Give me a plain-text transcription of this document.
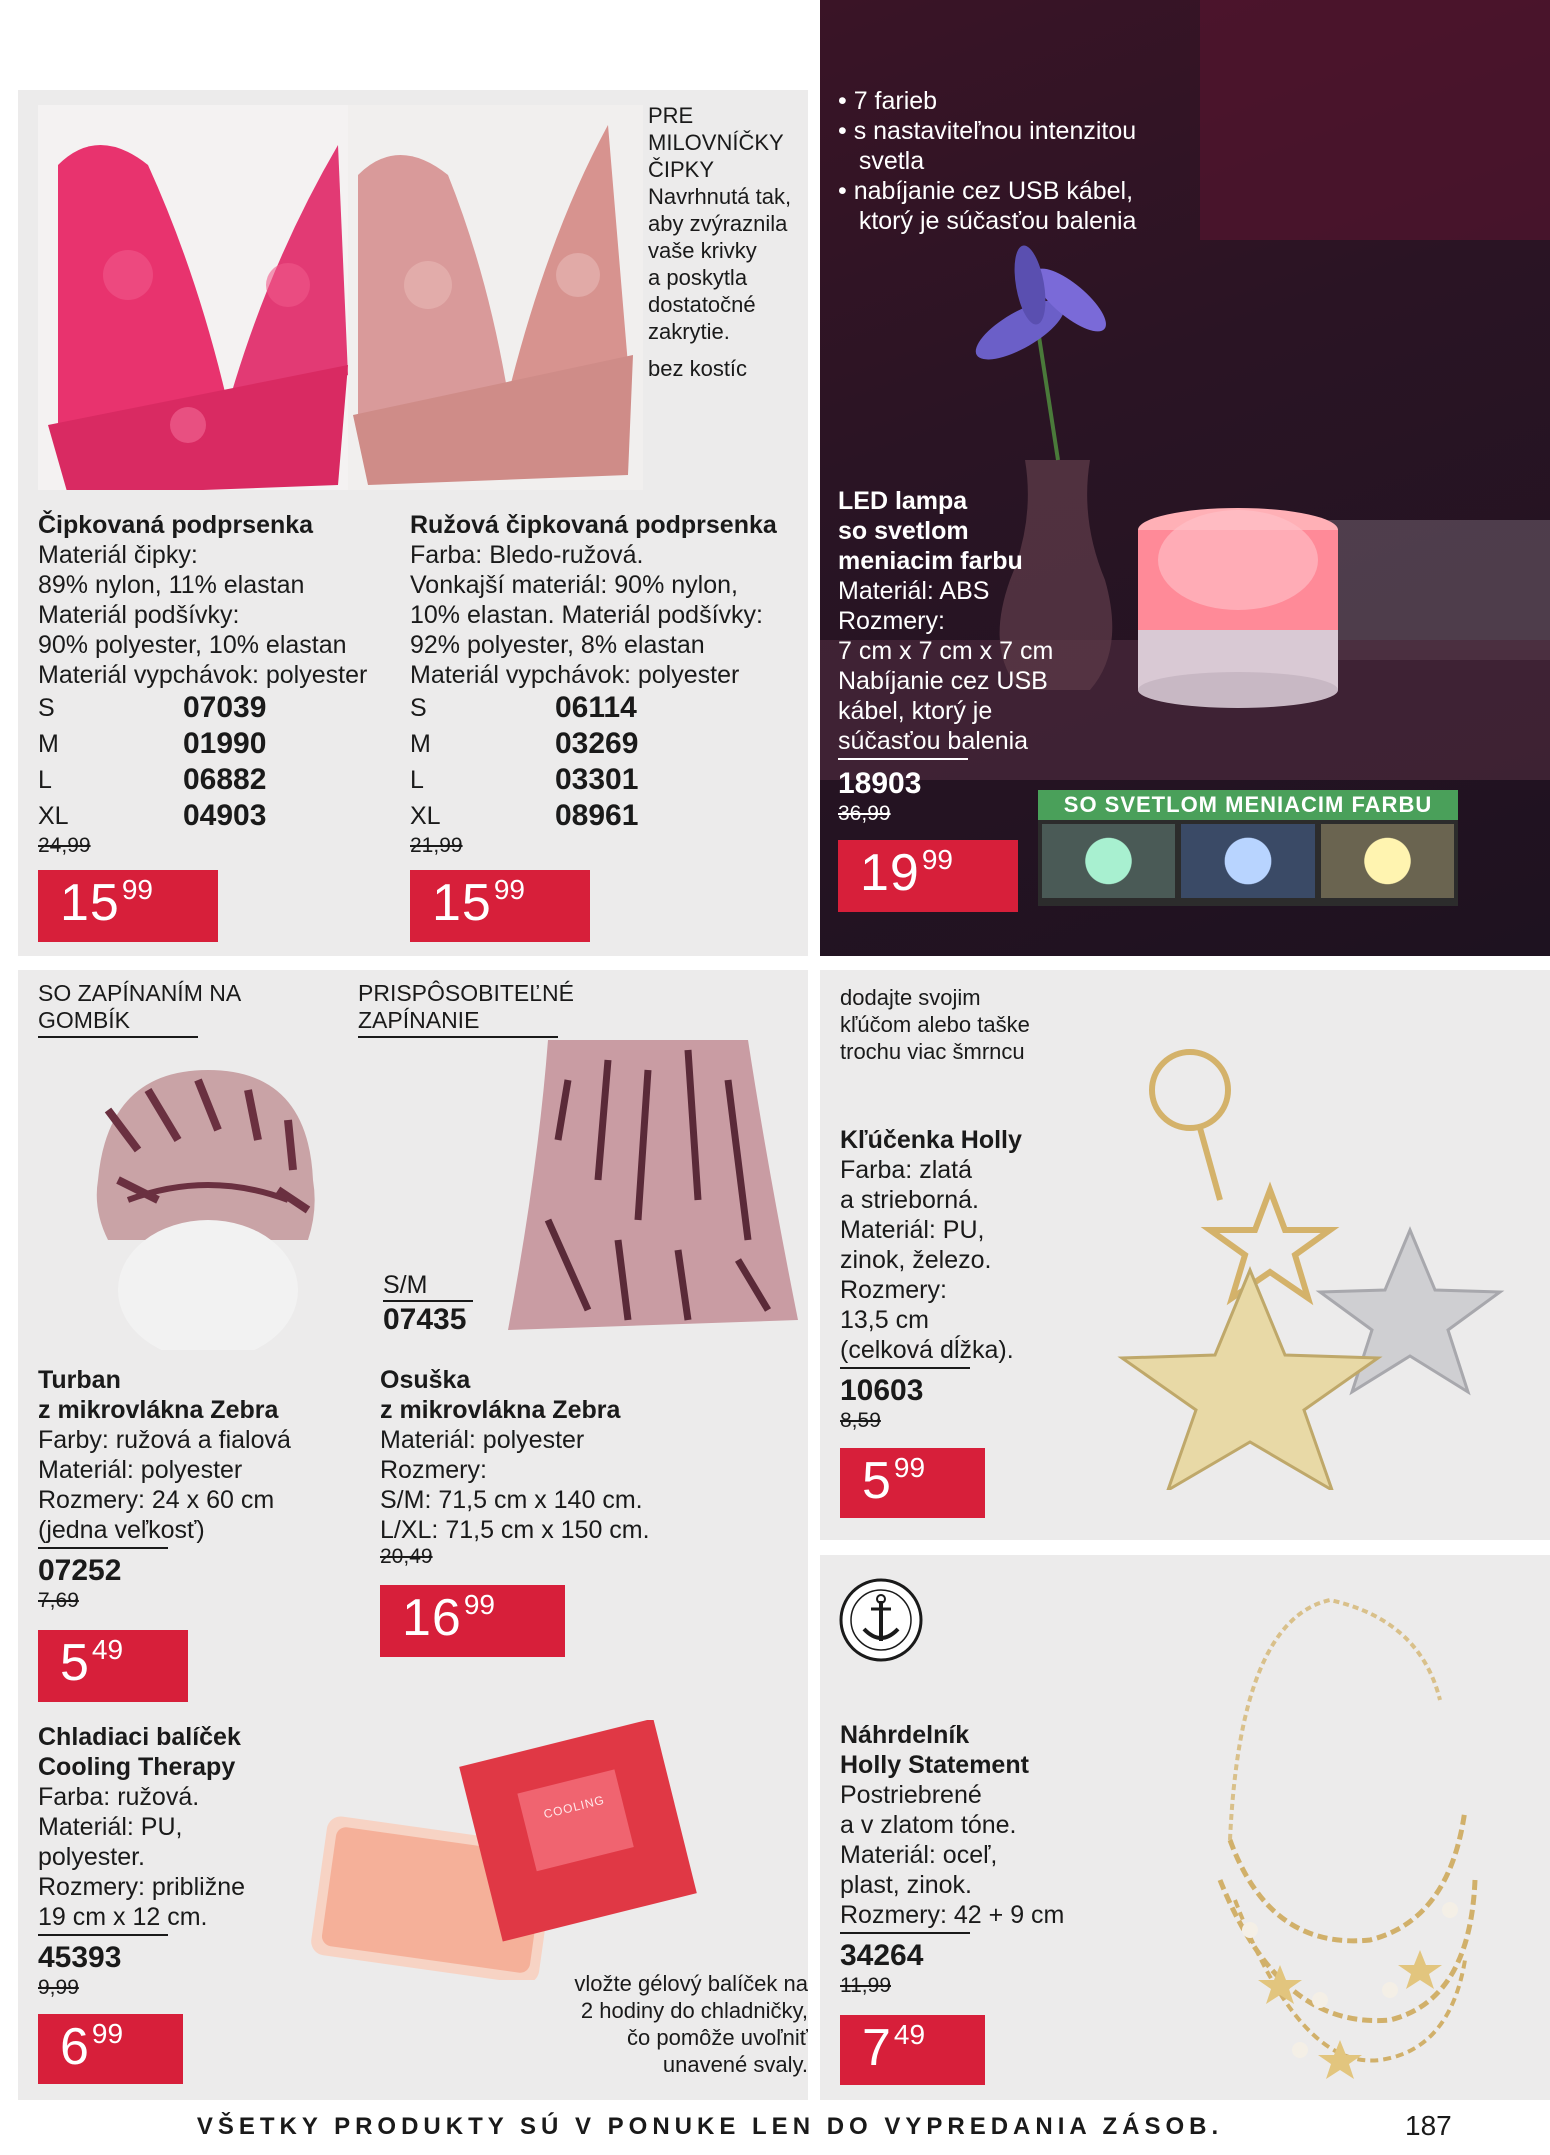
PRE
MILOVNÍČKY
ČIPKY
Navrhnutá tak,
aby zvýraznila
vaše krivky
a poskytla
dostatočné
zakrytie.
bez kostíc
Čipkovaná podprsenka
Materiál čipky:
89% nylon, 11% elastan
Materiál podšívky:
90% polyester, 10% elastan
Materiál vypchávok: polyester
S	07039
M	01990
L	06882
XL	04903
24,99
15 99
Ružová čipkovaná podprsenka
Farba: Bledo-ružová.
Vonkajší materiál: 90% nylon,
10% elastan. Materiál podšívky:
92% polyester, 8% elastan
Materiál vypchávok: polyester
S	06114
M	03269
L	03301
XL	08961
21,99
15 99
• 7 farieb
• s nastaviteľnou intenzitou
svetla
• nabíjanie cez USB kábel,
ktorý je súčasťou balenia
LED lampa
so svetlom
meniacim farbu
Materiál: ABS
Rozmery:
7 cm x 7 cm x 7 cm
Nabíjanie cez USB
kábel, ktorý je
súčasťou balenia
18903
36,99
19 99
SO SVETLOM MENIACIM FARBU
SO ZAPÍNANÍM NA
GOMBÍK
PRISPÔSOBITEĽNÉ
ZAPÍNANIE
S/M
07435
Turban
z mikrovlákna Zebra
Farby: ružová a fialová
Materiál: polyester
Rozmery: 24 x 60 cm
(jedna veľkosť)
07252
7,69
5 49
Osuška
z mikrovlákna Zebra
Materiál: polyester
Rozmery:
S/M: 71,5 cm x 140 cm.
L/XL: 71,5 cm x 150 cm.
20,49
16 99
Chladiaci balíček
Cooling Therapy
Farba: ružová.
Materiál: PU,
polyester.
Rozmery: približne
19 cm x 12 cm.
45393
9,99
6 99
COOLING
vložte gélový balíček na
2 hodiny do chladničky,
čo pomôže uvoľniť
unavené svaly.
dodajte svojim
kľúčom alebo taške
trochu viac šmrncu
Kľúčenka Holly
Farba: zlatá
a strieborná.
Materiál: PU,
zinok, železo.
Rozmery:
13,5 cm
(celková dĺžka).
10603
8,59
5 99
Náhrdelník
Holly Statement
Postriebrené
a v zlatom tóne.
Materiál: oceľ,
plast, zinok.
Rozmery: 42 + 9 cm
34264
11,99
7 49
VŠETKY PRODUKTY SÚ V PONUKE LEN DO VYPREDANIA ZÁSOB.	187
